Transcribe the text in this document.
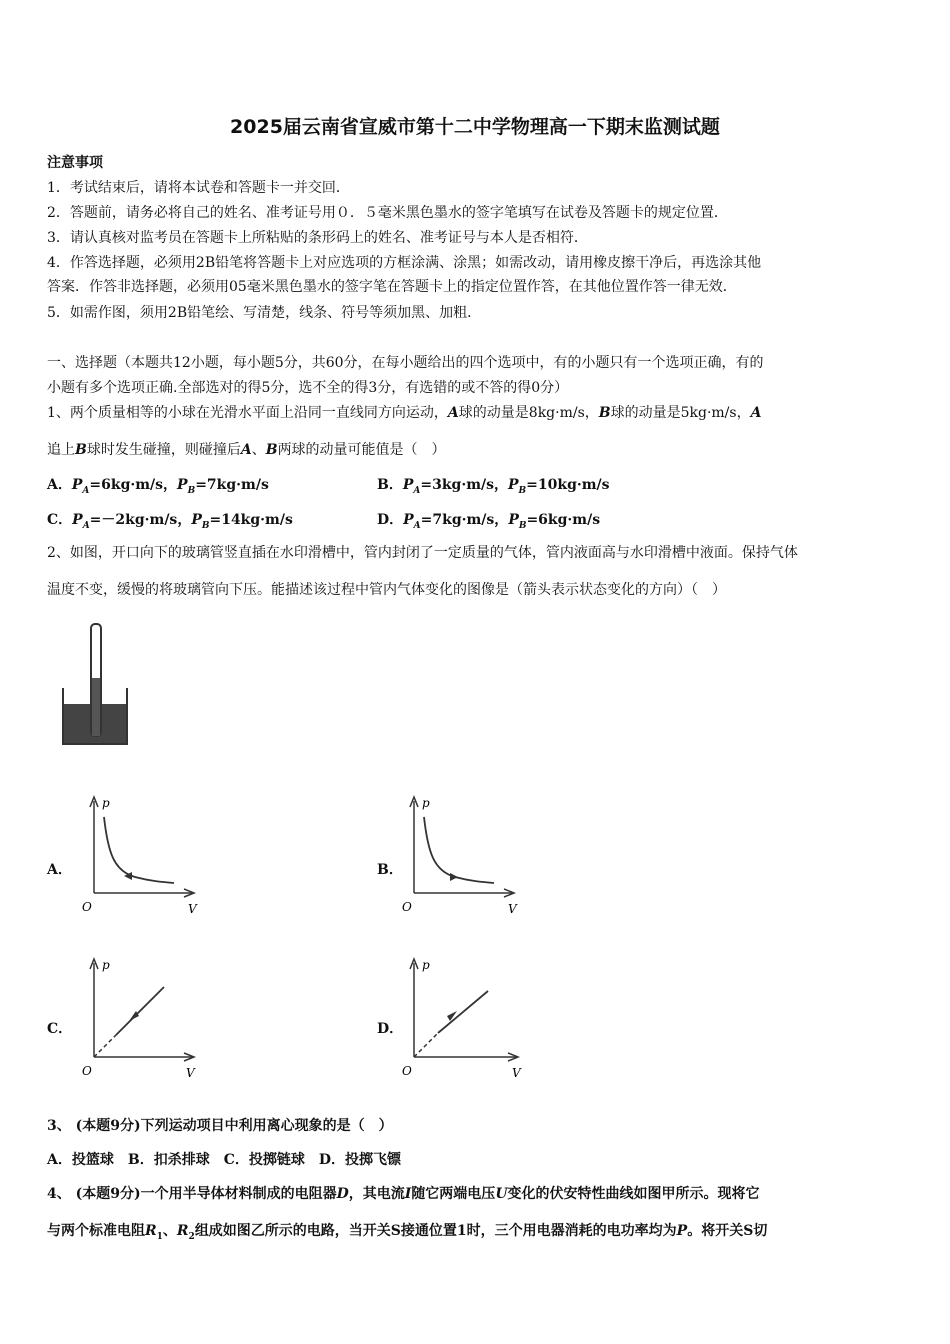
2025届云南省宣威市第十二中学物理高一下期末监测试题
注意事项
1．考试结束后，请将本试卷和答题卡一并交回．
2．答题前，请务必将自己的姓名、准考证号用０．５毫米黑色墨水的签字笔填写在试卷及答题卡的规定位置．
3．请认真核对监考员在答题卡上所粘贴的条形码上的姓名、准考证号与本人是否相符．
4．作答选择题，必须用2B铅笔将答题卡上对应选项的方框涂满、涂黑；如需改动，请用橡皮擦干净后，再选涂其他
答案．作答非选择题，必须用05毫米黑色墨水的签字笔在答题卡上的指定位置作答，在其他位置作答一律无效．
5．如需作图，须用2B铅笔绘、写清楚，线条、符号等须加黑、加粗．
一、选择题（本题共12小题，每小题5分，共60分，在每小题给出的四个选项中，有的小题只有一个选项正确，有的
小题有多个选项正确.全部选对的得5分，选不全的得3分，有选错的或不答的得0分）
1、两个质量相等的小球在光滑水平面上沿同一直线同方向运动，A球的动量是8kg·m/s，B球的动量是5kg·m/s，A
追上B球时发生碰撞，则碰撞后A、B两球的动量可能值是（　）
A．$P_A=6kg\cdot m/s$，$P_B=7kg\cdot m/s$	B．$P_A=3kg\cdot m/s$，$P_B=10kg\cdot m/s$
C．$P_A=-2kg\cdot m/s$，$P_B=14kg\cdot m/s$	D．$P_A=7kg\cdot m/s$，$P_B=6kg\cdot m/s$
2、如图，开口向下的玻璃管竖直插在水印滑槽中，管内封闭了一定质量的气体，管内液面高与水印滑槽中液面。保持气体
温度不变，缓慢的将玻璃管向下压。能描述该过程中管内气体变化的图像是（箭头表示状态变化的方向）（　）
A．
p
O	V
B．
p
O	V
C．
p
O	V
D．
p
O	V
3、 (本题9分)下列运动项目中利用离心现象的是（　）
A．投篮球　B．扣杀排球　C．投掷链球　D．投掷飞镖
4、 (本题9分)一个用半导体材料制成的电阻器D，其电流I随它两端电压U变化的伏安特性曲线如图甲所示。现将它
与两个标准电阻$R_1$、$R_2$组成如图乙所示的电路，当开关S接通位置1时，三个用电器消耗的电功率均为P。将开关S切
